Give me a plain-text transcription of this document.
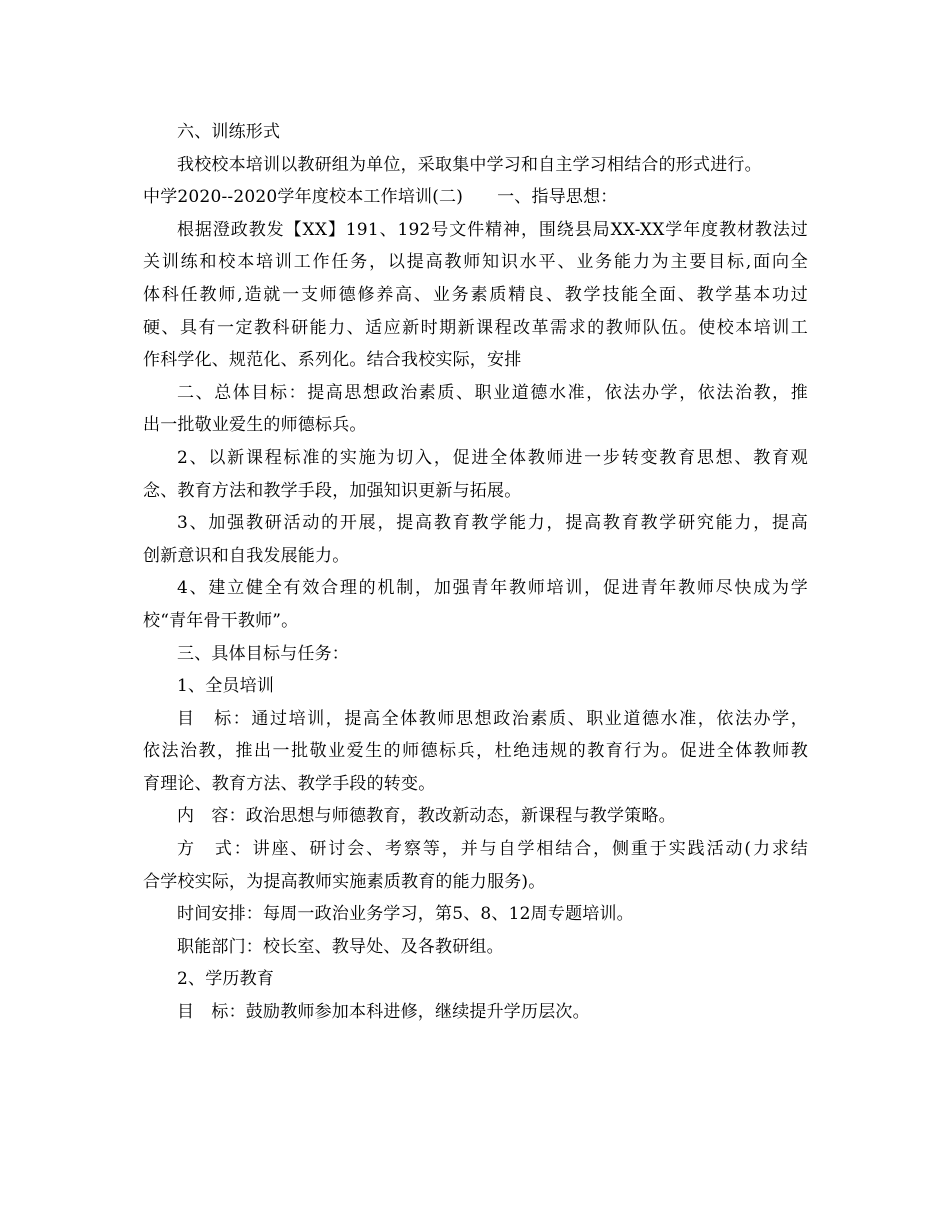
六、训练形式
我校校本培训以教研组为单位，采取集中学习和自主学习相结合的形式进行。
中学2020--2020学年度校本工作培训(二) 一、指导思想：
根据澄政教发【XX】191、192号文件精神，围绕县局XX-XX学年度教材教法过
关训练和校本培训工作任务，以提高教师知识水平、业务能力为主要目标,面向全
体科任教师,造就一支师德修养高、业务素质精良、教学技能全面、教学基本功过
硬、具有一定教科研能力、适应新时期新课程改革需求的教师队伍。使校本培训工
作科学化、规范化、系列化。结合我校实际，安排
二、总体目标：提高思想政治素质、职业道德水准，依法办学，依法治教，推
出一批敬业爱生的师德标兵。
2、以新课程标准的实施为切入，促进全体教师进一步转变教育思想、教育观
念、教育方法和教学手段，加强知识更新与拓展。
3、加强教研活动的开展，提高教育教学能力，提高教育教学研究能力，提高
创新意识和自我发展能力。
4、建立健全有效合理的机制，加强青年教师培训，促进青年教师尽快成为学
校“青年骨干教师”。
三、具体目标与任务：
1、全员培训
目　标：通过培训，提高全体教师思想政治素质、职业道德水准，依法办学，
依法治教，推出一批敬业爱生的师德标兵，杜绝违规的教育行为。促进全体教师教
育理论、教育方法、教学手段的转变。
内　容：政治思想与师德教育，教改新动态，新课程与教学策略。
方　式：讲座、研讨会、考察等，并与自学相结合，侧重于实践活动(力求结
合学校实际，为提高教师实施素质教育的能力服务)。
时间安排：每周一政治业务学习，第5、8、12周专题培训。
职能部门：校长室、教导处、及各教研组。
2、学历教育
目　标：鼓励教师参加本科进修，继续提升学历层次。
